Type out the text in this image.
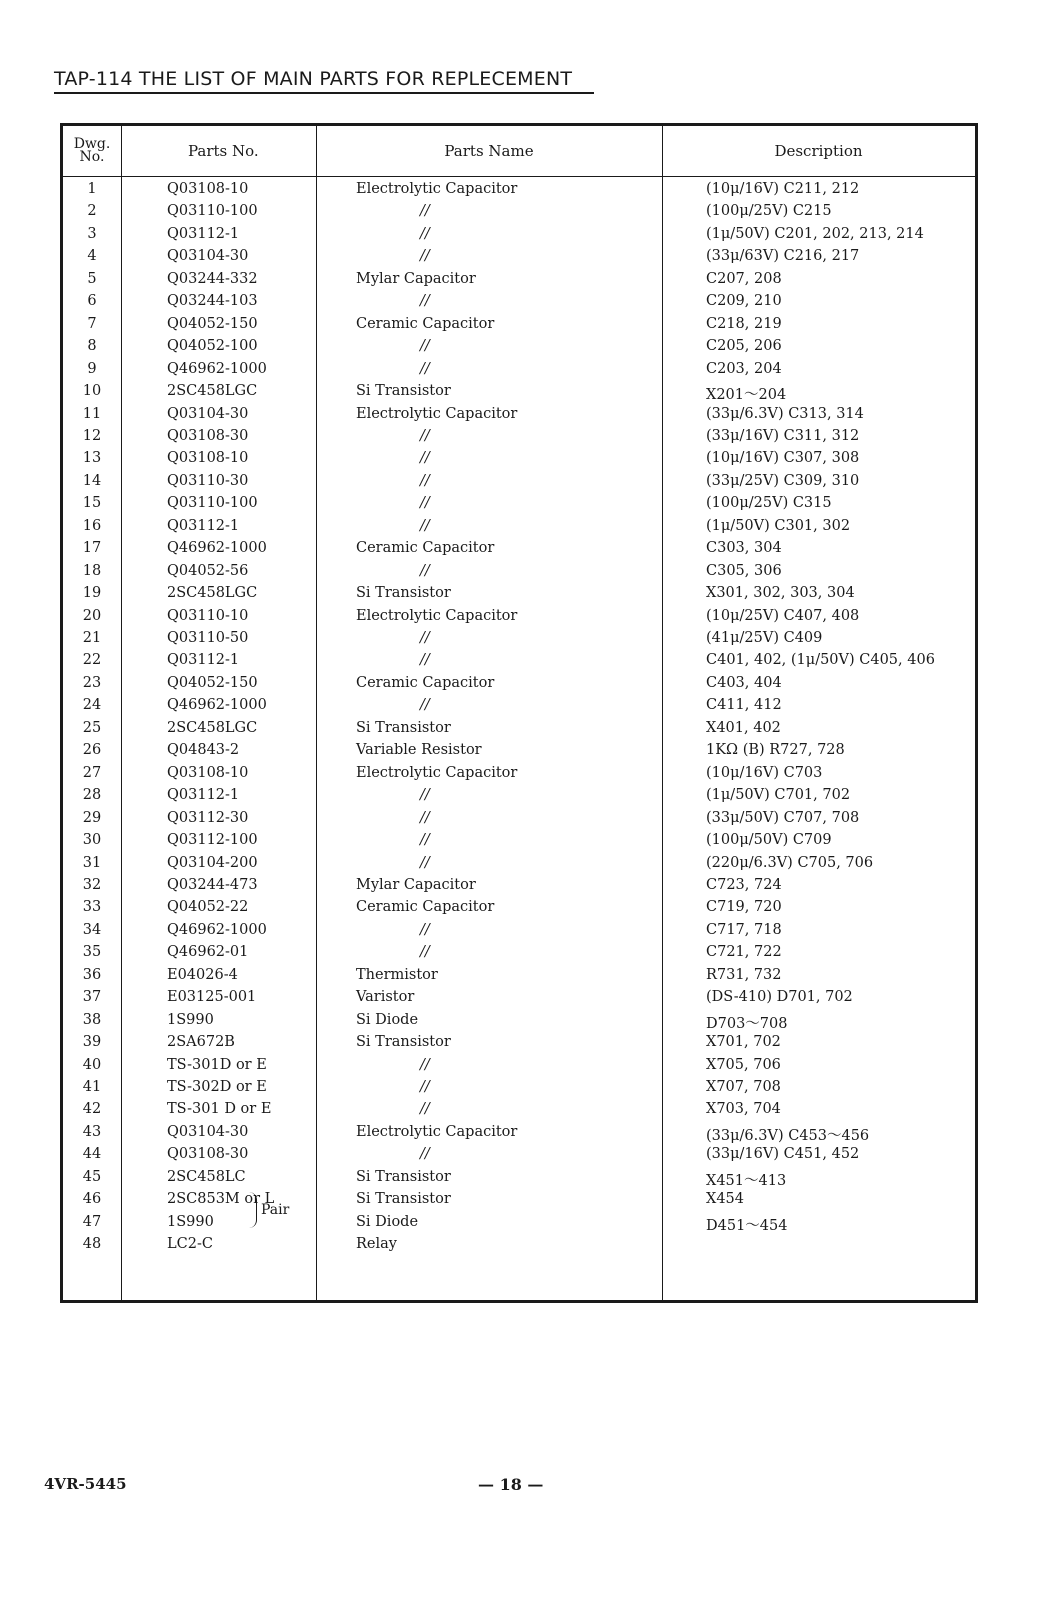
TAP-114 THE LIST OF MAIN PARTS FOR REPLECEMENT
Dwg.
No.	Parts No.	Parts Name	Description
1	Q03108-10	Electrolytic Capacitor	(10μ/16V) C211, 212
2	Q03110-100	//	(100μ/25V) C215
3	Q03112-1	//	(1μ/50V) C201, 202, 213, 214
4	Q03104-30	//	(33μ/63V) C216, 217
5	Q03244-332	Mylar Capacitor	C207, 208
6	Q03244-103	//	C209, 210
7	Q04052-150	Ceramic Capacitor	C218, 219
8	Q04052-100	//	C205, 206
9	Q46962-1000	//	C203, 204
10	2SC458LGC	Si Transistor	X201～204
11	Q03104-30	Electrolytic Capacitor	(33μ/6.3V) C313, 314
12	Q03108-30	//	(33μ/16V) C311, 312
13	Q03108-10	//	(10μ/16V) C307, 308
14	Q03110-30	//	(33μ/25V) C309, 310
15	Q03110-100	//	(100μ/25V) C315
16	Q03112-1	//	(1μ/50V) C301, 302
17	Q46962-1000	Ceramic Capacitor	C303, 304
18	Q04052-56	//	C305, 306
19	2SC458LGC	Si Transistor	X301, 302, 303, 304
20	Q03110-10	Electrolytic Capacitor	(10μ/25V) C407, 408
21	Q03110-50	//	(41μ/25V) C409
22	Q03112-1	//	C401, 402, (1μ/50V) C405, 406
23	Q04052-150	Ceramic Capacitor	C403, 404
24	Q46962-1000	//	C411, 412
25	2SC458LGC	Si Transistor	X401, 402
26	Q04843-2	Variable Resistor	1KΩ (B) R727, 728
27	Q03108-10	Electrolytic Capacitor	(10μ/16V) C703
28	Q03112-1	//	(1μ/50V) C701, 702
29	Q03112-30	//	(33μ/50V) C707, 708
30	Q03112-100	//	(100μ/50V) C709
31	Q03104-200	//	(220μ/6.3V) C705, 706
32	Q03244-473	Mylar Capacitor	C723, 724
33	Q04052-22	Ceramic Capacitor	C719, 720
34	Q46962-1000	//	C717, 718
35	Q46962-01	//	C721, 722
36	E04026-4	Thermistor	R731, 732
37	E03125-001	Varistor	(DS-410) D701, 702
38	1S990	Si Diode	D703～708
39	2SA672B	Si Transistor	X701, 702
40	TS-301D or E	//	X705, 706
41	TS-302D or E	//	X707, 708
42	TS-301 D or E	//	X703, 704
43	Q03104-30	Electrolytic Capacitor	(33μ/6.3V) C453～456
44	Q03108-30	//	(33μ/16V) C451, 452
45	2SC458LC	Si Transistor	X451～413
46	2SC853M or L	Si Transistor	X454
47	1S990	Si Diode	D451～454
48	LC2-C	Relay
Pair
4VR-5445	— 18 —
